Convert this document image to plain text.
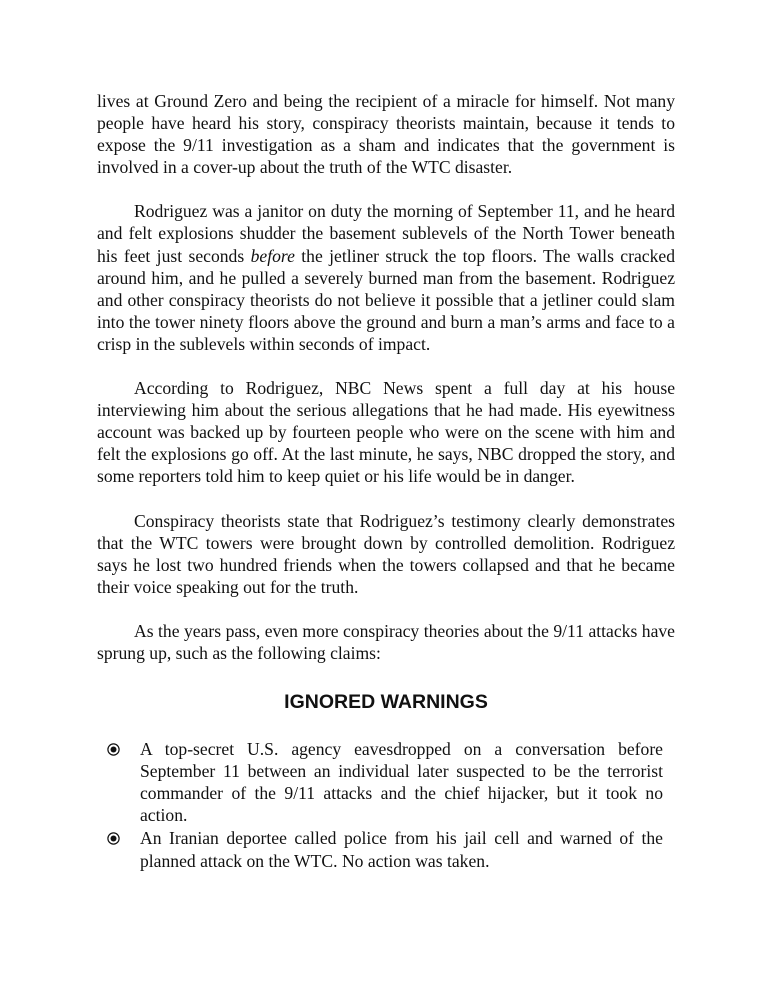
lives at Ground Zero and being the recipient of a miracle for himself. Not many people have heard his story, conspiracy theorists maintain, because it tends to expose the 9/11 investigation as a sham and indicates that the government is involved in a cover-up about the truth of the WTC disaster.

Rodriguez was a janitor on duty the morning of September 11, and he heard and felt explosions shudder the basement sublevels of the North Tower beneath his feet just seconds before the jetliner struck the top floors. The walls cracked around him, and he pulled a severely burned man from the basement. Rodriguez and other conspiracy theorists do not believe it possible that a jetliner could slam into the tower ninety floors above the ground and burn a man’s arms and face to a crisp in the sublevels within seconds of impact.

According to Rodriguez, NBC News spent a full day at his house interviewing him about the serious allegations that he had made. His eyewitness account was backed up by fourteen people who were on the scene with him and felt the explosions go off. At the last minute, he says, NBC dropped the story, and some reporters told him to keep quiet or his life would be in danger.

Conspiracy theorists state that Rodriguez’s testimony clearly demonstrates that the WTC towers were brought down by controlled demolition. Rodriguez says he lost two hundred friends when the towers collapsed and that he became their voice speaking out for the truth.

As the years pass, even more conspiracy theories about the 9/11 attacks have sprung up, such as the following claims:

IGNORED WARNINGS
A top-secret U.S. agency eavesdropped on a conversation before September 11 between an individual later suspected to be the terrorist commander of the 9/11 attacks and the chief hijacker, but it took no action.
An Iranian deportee called police from his jail cell and warned of the planned attack on the WTC. No action was taken.
